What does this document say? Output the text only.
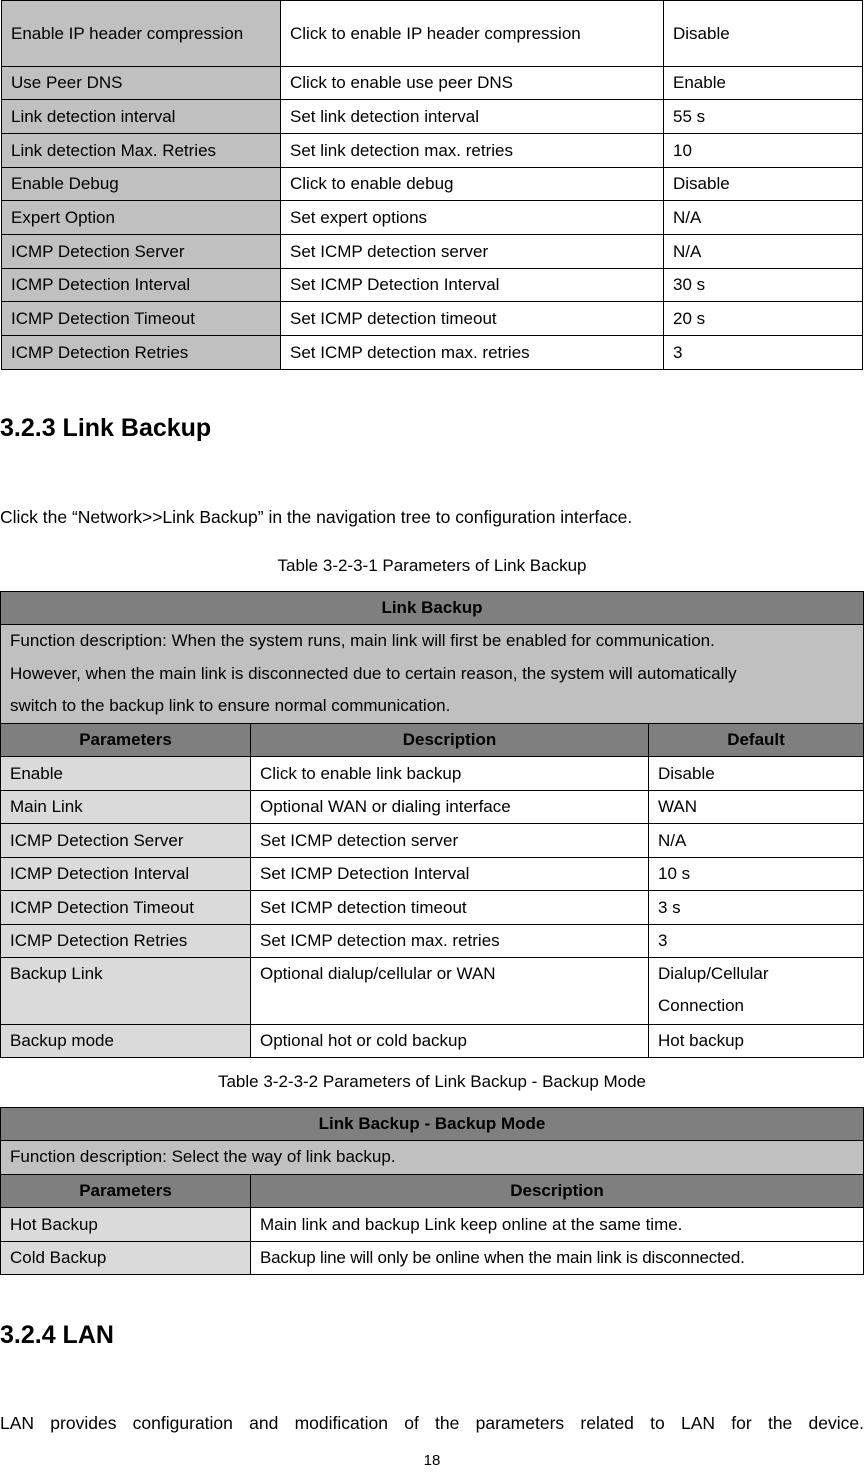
Enable IP header compression	Click to enable IP header compression	Disable
Use Peer DNS	Click to enable use peer DNS	Enable
Link detection interval	Set link detection interval	55 s
Link detection Max. Retries	Set link detection max. retries	10
Enable Debug	Click to enable debug	Disable
Expert Option	Set expert options	N/A
ICMP Detection Server	Set ICMP detection server	N/A
ICMP Detection Interval	Set ICMP Detection Interval	30 s
ICMP Detection Timeout	Set ICMP detection timeout	20 s
ICMP Detection Retries	Set ICMP detection max. retries	3
3.2.3 Link Backup
Click the “Network>>Link Backup” in the navigation tree to configuration interface.
Table 3-2-3-1 Parameters of Link Backup
Link Backup		
Function description: When the system runs, main link will first be enabled for communication. However, when the main link is disconnected due to certain reason, the system will automatically switch to the backup link to ensure normal communication.		
Parameters	Description	Default
Enable	Click to enable link backup	Disable
Main Link	Optional WAN or dialing interface	WAN
ICMP Detection Server	Set ICMP detection server	N/A
ICMP Detection Interval	Set ICMP Detection Interval	10 s
ICMP Detection Timeout	Set ICMP detection timeout	3 s
ICMP Detection Retries	Set ICMP detection max. retries	3
Backup Link	Optional dialup/cellular or WAN	Dialup/Cellular Connection
Backup mode	Optional hot or cold backup	Hot backup
Table 3-2-3-2 Parameters of Link Backup - Backup Mode
Link Backup - Backup Mode	
Function description: Select the way of link backup.	
Parameters	Description
Hot Backup	Main link and backup Link keep online at the same time.
Cold Backup	Backup line will only be online when the main link is disconnected.
3.2.4 LAN
LAN provides configuration and modification of the parameters related to LAN for the device.
18
